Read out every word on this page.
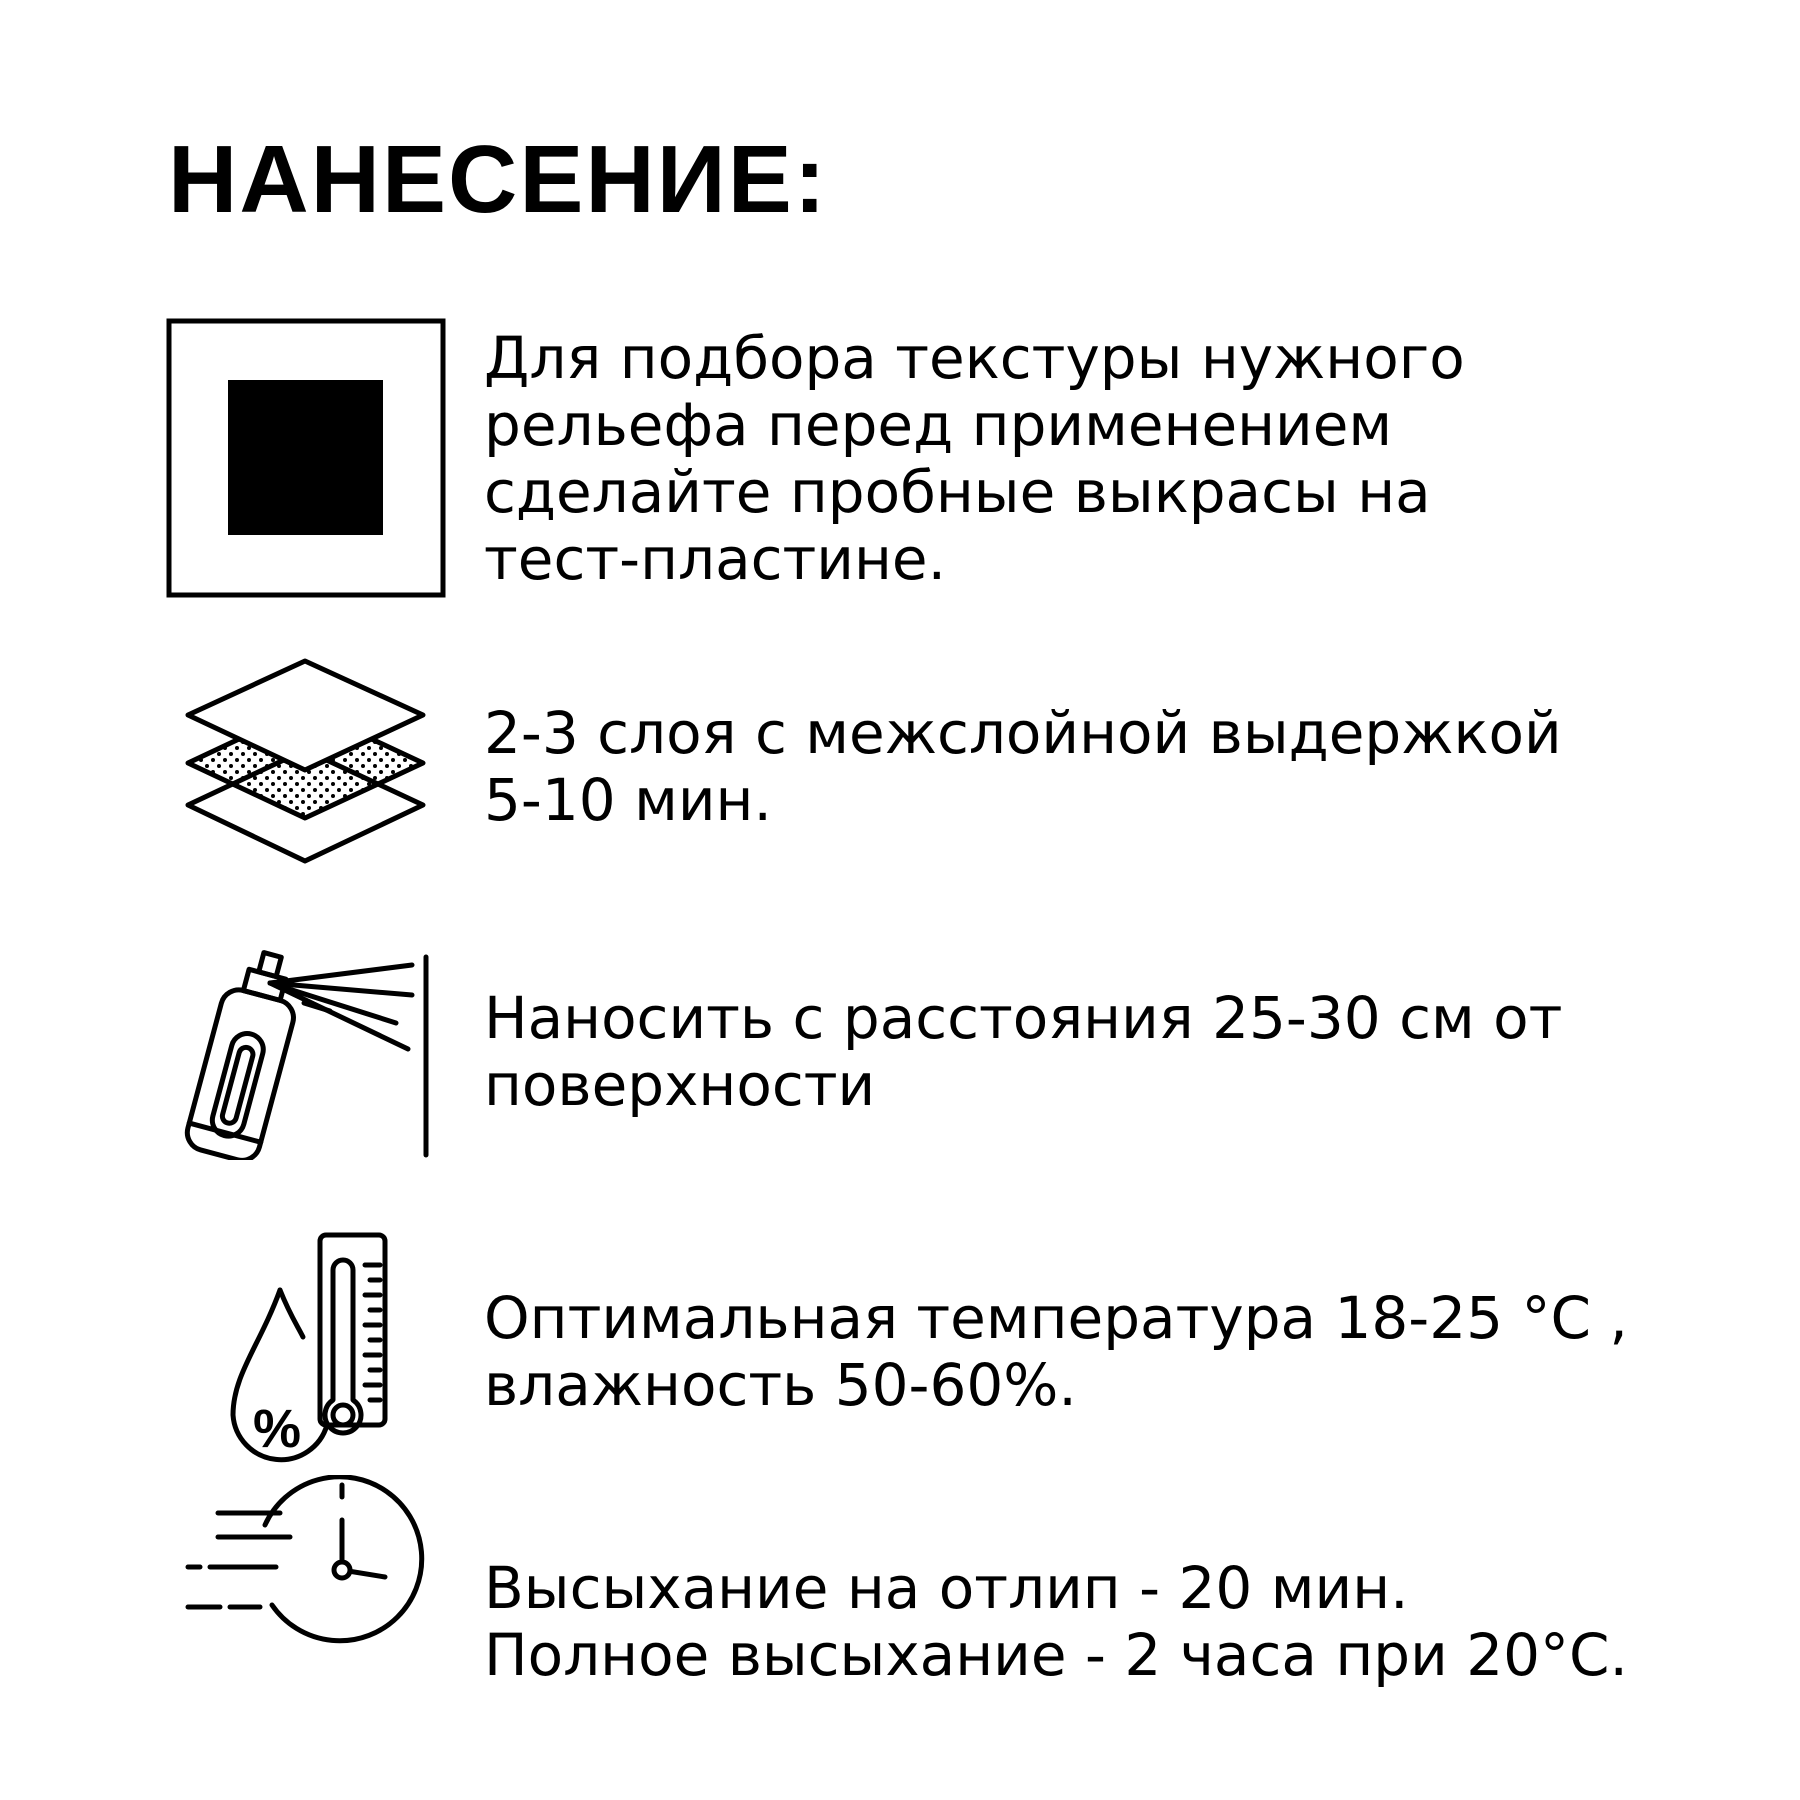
НАНЕСЕНИЕ:
Для подбора текстуры нужного
рельефа перед применением
сделайте пробные выкрасы на
тест-пластине.
2-3 слоя с межслойной выдержкой
5-10 мин.
Наносить с расстояния 25-30 см от
поверхности
%
Оптимальная температура 18-25 °C ,
влажность 50-60%.
Высыхание на отлип - 20 мин.
Полное высыхание - 2 часа при 20°C.
